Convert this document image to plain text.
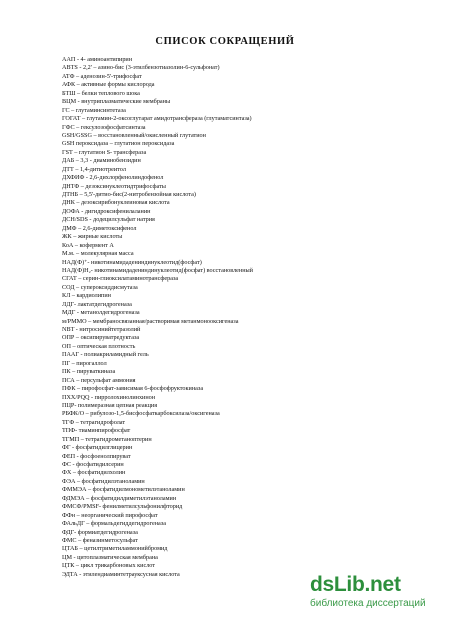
СПИСОК СОКРАЩЕНИЙ
ААП - 4- аминоантипирин
ABTS - 2,2' – азино-бис (3-этилбензотиазолин-6-сульфонат)
АТФ – аденозин-5'-трифосфат
АФК – активные формы кислорода
БТШ – белки теплового шока
ВЦМ - внутриплазматические мембраны
ГС – глутаминсинтетаза
ГОГАТ – глутамин-2-оксоглутарат амидотрансфераза (глутаматсинтаза)
ГФС – гексулозофосфатсинтаза
GSH/GSSG – восстановленный/окисленный глутатион
GSH пероксидаза – глутатион пероксидаза
ГST – глутатион S- трансфераза
ДАБ – 3,3 - диаминобензидин
ДТТ – 1,4-дитиотреитол
ДХФИФ - 2,6-дихлорфенолиндофенол
ДНТФ – дезоксинуклеотидтрифосфаты
ДТНБ – 5,5'-дитио-бис(2-нитробензойная кислота)
ДНК – дезоксирибонуклеиновая кислота
ДОФА - дигидроксифенилаланин
ДСН/SDS - додецилсульфат натрия
ДМФ – 2,6-диметоксифенол
ЖК – жирные кислоты
КоА – кофермент А
М.м. – молекулярная масса
НАД(Ф)⁺- никотинамидадениндинуклеотид(фосфат)
НАД(Ф)Н₂- никотинамидадениндинуклеотид(фосфат) восстановленный
СГАТ – серин-глиоксилатаминотрансфераза
СОД – супероксиддисмутаза
КЛ – кардиолипин
ЛДГ- лактатдегидрогеназа
МДГ - метанолдегидрогеназа
м/РММО – мембраносвязанная/растворимая метанмонооксигеназа
NBT - нитросинийтетразолий
ОПР – оксипируватредуктаза
ОП – оптическая плотность
ПААГ - полиакриламидный гель
ПГ – пирогаллол
ПК – пируваткиназа
ПСА – персульфат аммония
ПФК – пирофосфат-зависимая 6-фосфофруктокиназа
ПХХ/PQQ - пирролохинолинхинон
ПЦР- полимеразная цепная реакция
РБФК/О – рибулозо-1,5-бисфосфаткарбоксилаза/оксигеназа
ТГФ – тетрагидрофолат
ТПФ- тиаминпирофосфат
ТГМП – тетрагидрометаноптерин
ФГ - фосфатидилглицерин
ФЕП - фосфоенолпируват
ФС - фосфатидилсерин
ФХ – фосфатидилхолин
ФЭА – фосфатидилэтаноламин
ФММЭА – фосфатидилмонометилэтаноламин
ФДМЭА – фосфатидилдиметилэтаноламин
ФМСФ/PMSF- фенилметилсульфонилфторид
ФФн – неорганический пирофосфат
ФАльДГ – формальдегиддегидрогеназа
ФДГ- формиатдегидрогеназа
ФМС – феназинметосульфат
ЦТАБ – цетилтриметиламмонийбромид
ЦМ - цитоплазматическая мембрана
ЦТК – цикл трикарбоновых кислот
ЭДТА - этилендиаминтетрауксусная кислота	dsLib.net
библиотека диссертаций
